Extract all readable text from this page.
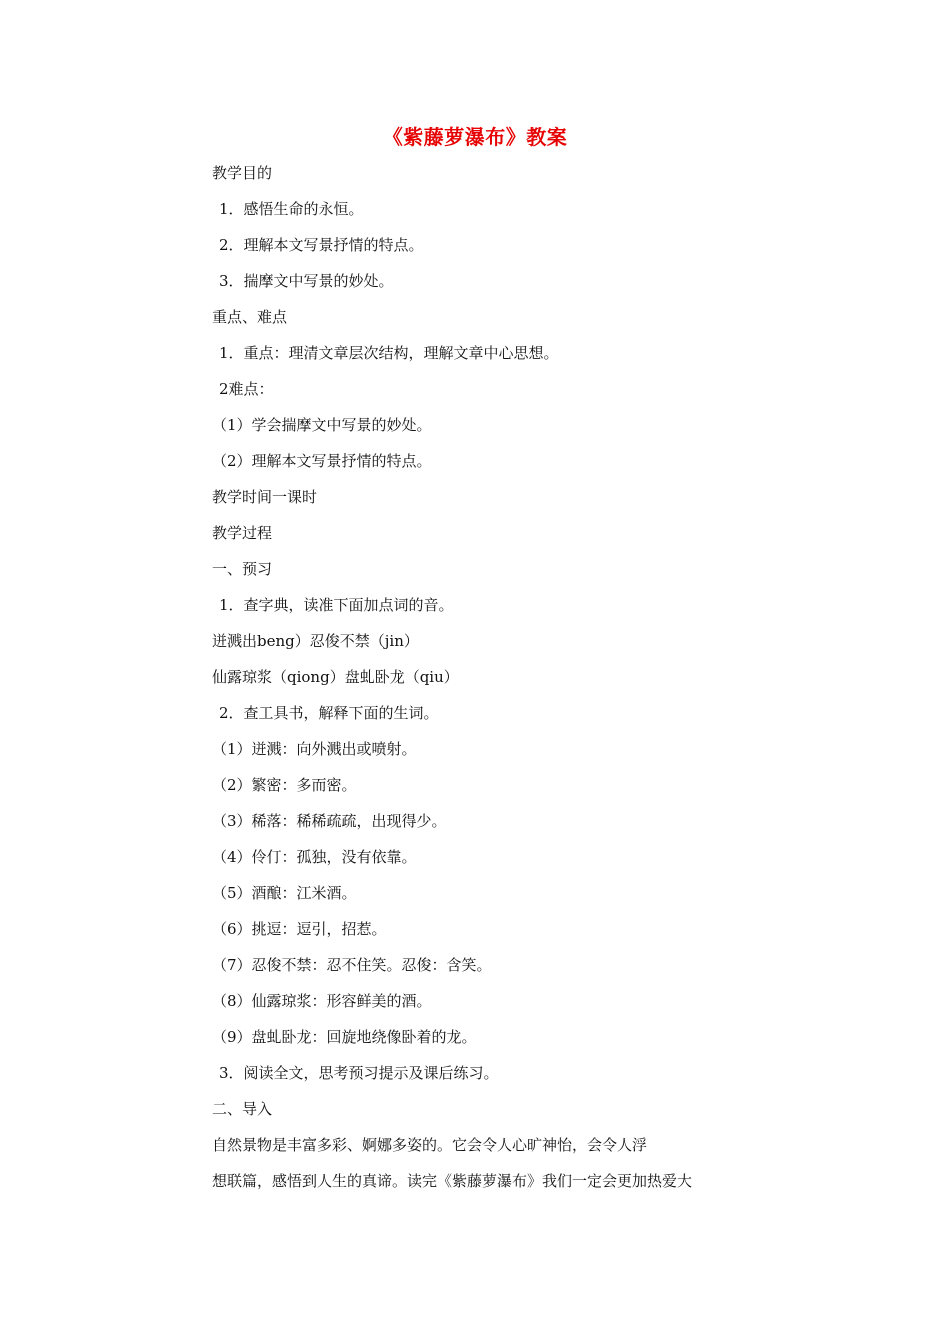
《紫藤萝瀑布》教案
教学目的
1．感悟生命的永恒。
2．理解本文写景抒情的特点。
3．揣摩文中写景的妙处。
重点、难点
1．重点：理清文章层次结构，理解文章中心思想。
2难点：
（1）学会揣摩文中写景的妙处。
（2）理解本文写景抒情的特点。
教学时间一课时
教学过程
一、预习
1．查字典，读准下面加点词的音。
迸溅出beng）忍俊不禁（jin）
仙露琼浆（qiong）盘虬卧龙（qiu）
2．查工具书，解释下面的生词。
（1）迸溅：向外溅出或喷射。
（2）繁密：多而密。
（3）稀落：稀稀疏疏，出现得少。
（4）伶仃：孤独，没有依靠。
（5）酒酿：江米酒。
（6）挑逗：逗引，招惹。
（7）忍俊不禁：忍不住笑。忍俊：含笑。
（8）仙露琼浆：形容鲜美的酒。
（9）盘虬卧龙：回旋地绕像卧着的龙。
3．阅读全文，思考预习提示及课后练习。
二、导入
自然景物是丰富多彩、婀娜多姿的。它会令人心旷神怡，会令人浮
想联篇，感悟到人生的真谛。读完《紫藤萝瀑布》我们一定会更加热爱大
